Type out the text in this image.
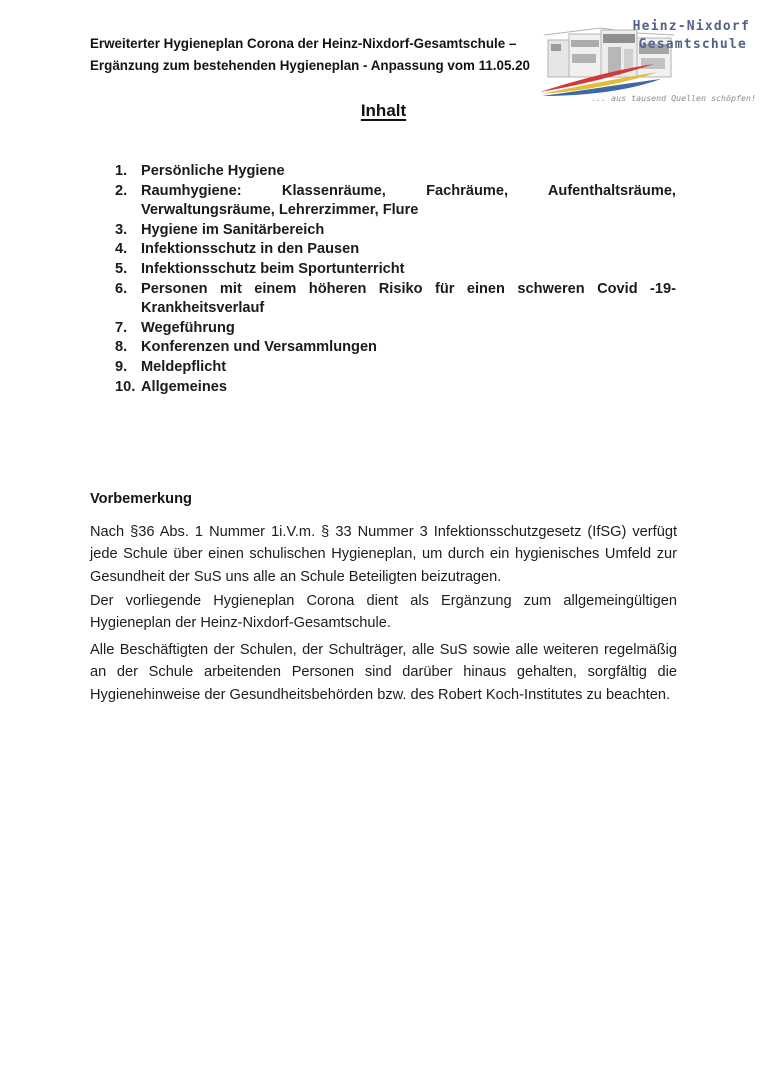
Erweiterter Hygieneplan Corona der Heinz-Nixdorf-Gesamtschule –
Ergänzung zum bestehenden Hygieneplan - Anpassung vom 11.05.20
Heinz-Nixdorf
Gesamtschule
... aus tausend Quellen schöpfen!
Inhalt
1. Persönliche Hygiene
2. Raumhygiene: Klassenräume, Fachräume, Aufenthaltsräume, Verwaltungsräume, Lehrerzimmer, Flure
3. Hygiene im Sanitärbereich
4. Infektionsschutz in den Pausen
5. Infektionsschutz beim Sportunterricht
6. Personen mit einem höheren Risiko für einen schweren Covid -19-Krankheitsverlauf
7. Wegeführung
8. Konferenzen und Versammlungen
9. Meldepflicht
10. Allgemeines
Vorbemerkung
Nach §36 Abs. 1 Nummer 1i.V.m. § 33 Nummer 3 Infektionsschutzgesetz (IfSG) verfügt jede Schule über einen schulischen Hygieneplan, um durch ein hygienisches Umfeld zur Gesundheit der SuS uns alle an Schule Beteiligten beizutragen.
Der vorliegende Hygieneplan Corona dient als Ergänzung zum allgemeingültigen Hygieneplan der Heinz-Nixdorf-Gesamtschule.
Alle Beschäftigten der Schulen, der Schulträger, alle SuS sowie alle weiteren regelmäßig an der Schule arbeitenden Personen sind darüber hinaus gehalten, sorgfältig die Hygienehinweise der Gesundheitsbehörden bzw. des Robert Koch-Institutes zu beachten.
